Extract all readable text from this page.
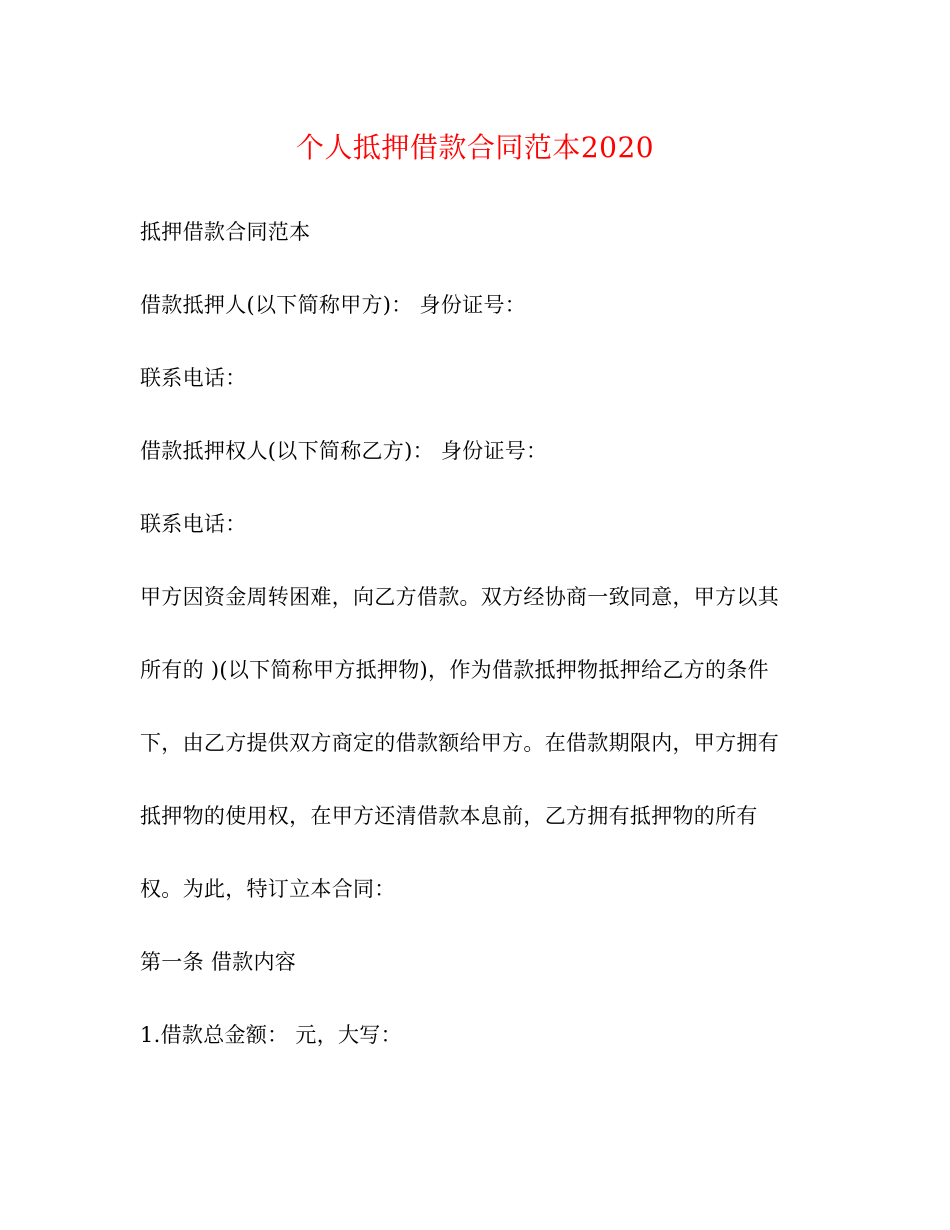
个人抵押借款合同范本2020
抵押借款合同范本
借款抵押人(以下简称甲方)： 身份证号：
联系电话：
借款抵押权人(以下简称乙方)： 身份证号：
联系电话：
甲方因资金周转困难，向乙方借款。双方经协商一致同意，甲方以其
所有的 )(以下简称甲方抵押物)，作为借款抵押物抵押给乙方的条件
下，由乙方提供双方商定的借款额给甲方。在借款期限内，甲方拥有
抵押物的使用权，在甲方还清借款本息前，乙方拥有抵押物的所有
权。为此，特订立本合同：
第一条 借款内容
1.借款总金额： 元，大写：
